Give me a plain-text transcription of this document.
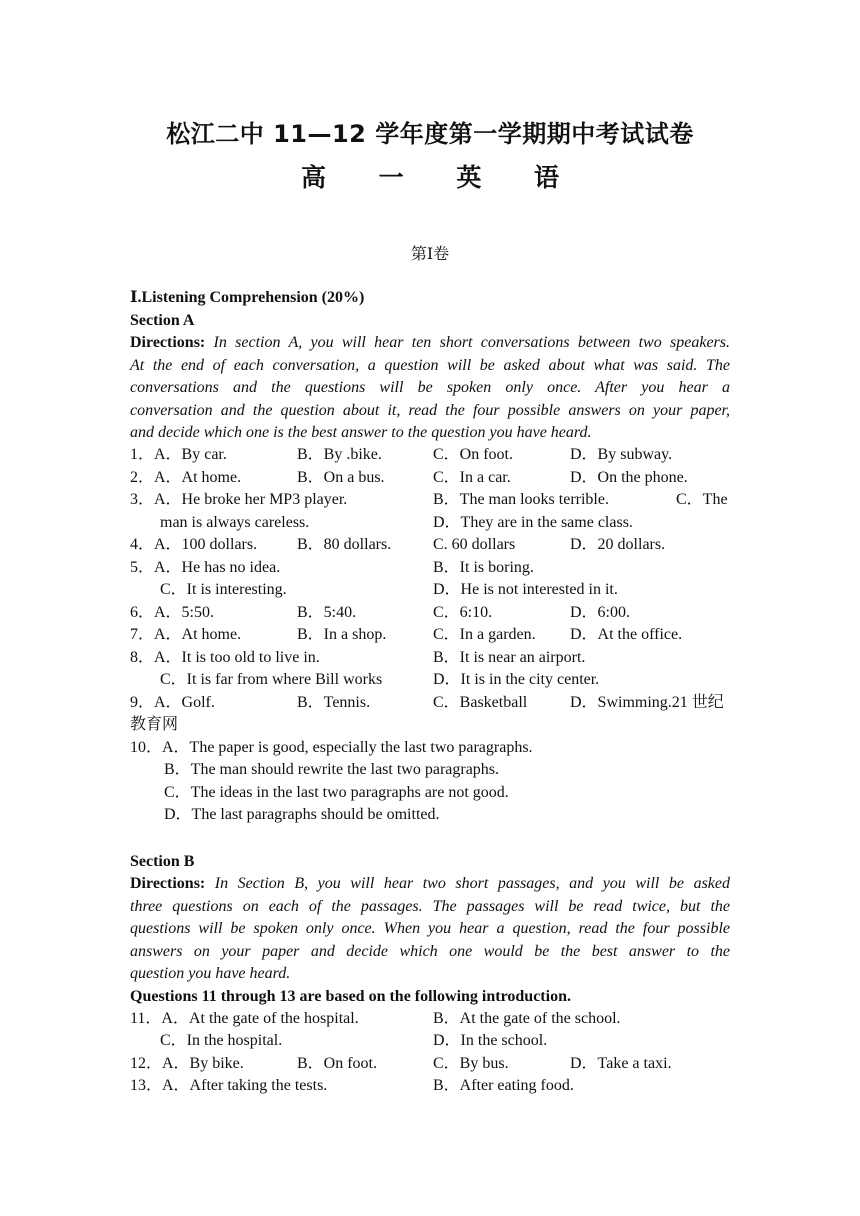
松江二中 11—12 学年度第一学期期中考试试卷
高 一 英 语
第Ⅰ卷
Ⅰ.Listening Comprehension (20%)
Section A
Directions: In section A, you will hear ten short conversations between two speakers.
At the end of each conversation, a question will be asked about what was said. The
conversations and the questions will be spoken only once. After you hear a
conversation and the question about it, read the four possible answers on your paper,
and decide which one is the best answer to the question you have heard.
1．A．By car.	B．By .bike.	C．On foot.	D．By subway.
2．A．At home.	B．On a bus.	C．In a car.	D．On the phone.
3．A．He broke her MP3 player.	B．The man looks terrible.	C．The
man is always careless.	D．They are in the same class.
4．A．100 dollars. B．80 dollars.	C. 60 dollars	D．20 dollars.
5．A．He has no idea.	B．It is boring.
C．It is interesting.	D．He is not interested in it.
6．A．5:50.	B．5:40.	C．6:10.	D．6:00.
7．A．At home.	B．In a shop.	C．In a garden. D．At the office.
8．A．It is too old to live in.	B．It is near an airport.
C．It is far from where Bill works	D．It is in the city center.
9．A．Golf.	B．Tennis.	C．Basketball	D．Swimming.21 世纪
教育网
10．A．The paper is good, especially the last two paragraphs.
B．The man should rewrite the last two paragraphs.
C．The ideas in the last two paragraphs are not good.
D．The last paragraphs should be omitted.
Section B
Directions: In Section B, you will hear two short passages, and you will be asked
three questions on each of the passages. The passages will be read twice, but the
questions will be spoken only once. When you hear a question, read the four possible
answers on your paper and decide which one would be the best answer to the
question you have heard.
Questions 11 through 13 are based on the following introduction.
11．A．At the gate of the hospital.	B．At the gate of the school.
C．In the hospital.	D．In the school.
12．A．By bike.	B．On foot.	C．By bus.	D．Take a taxi.
13．A．After taking the tests.	B．After eating food.
